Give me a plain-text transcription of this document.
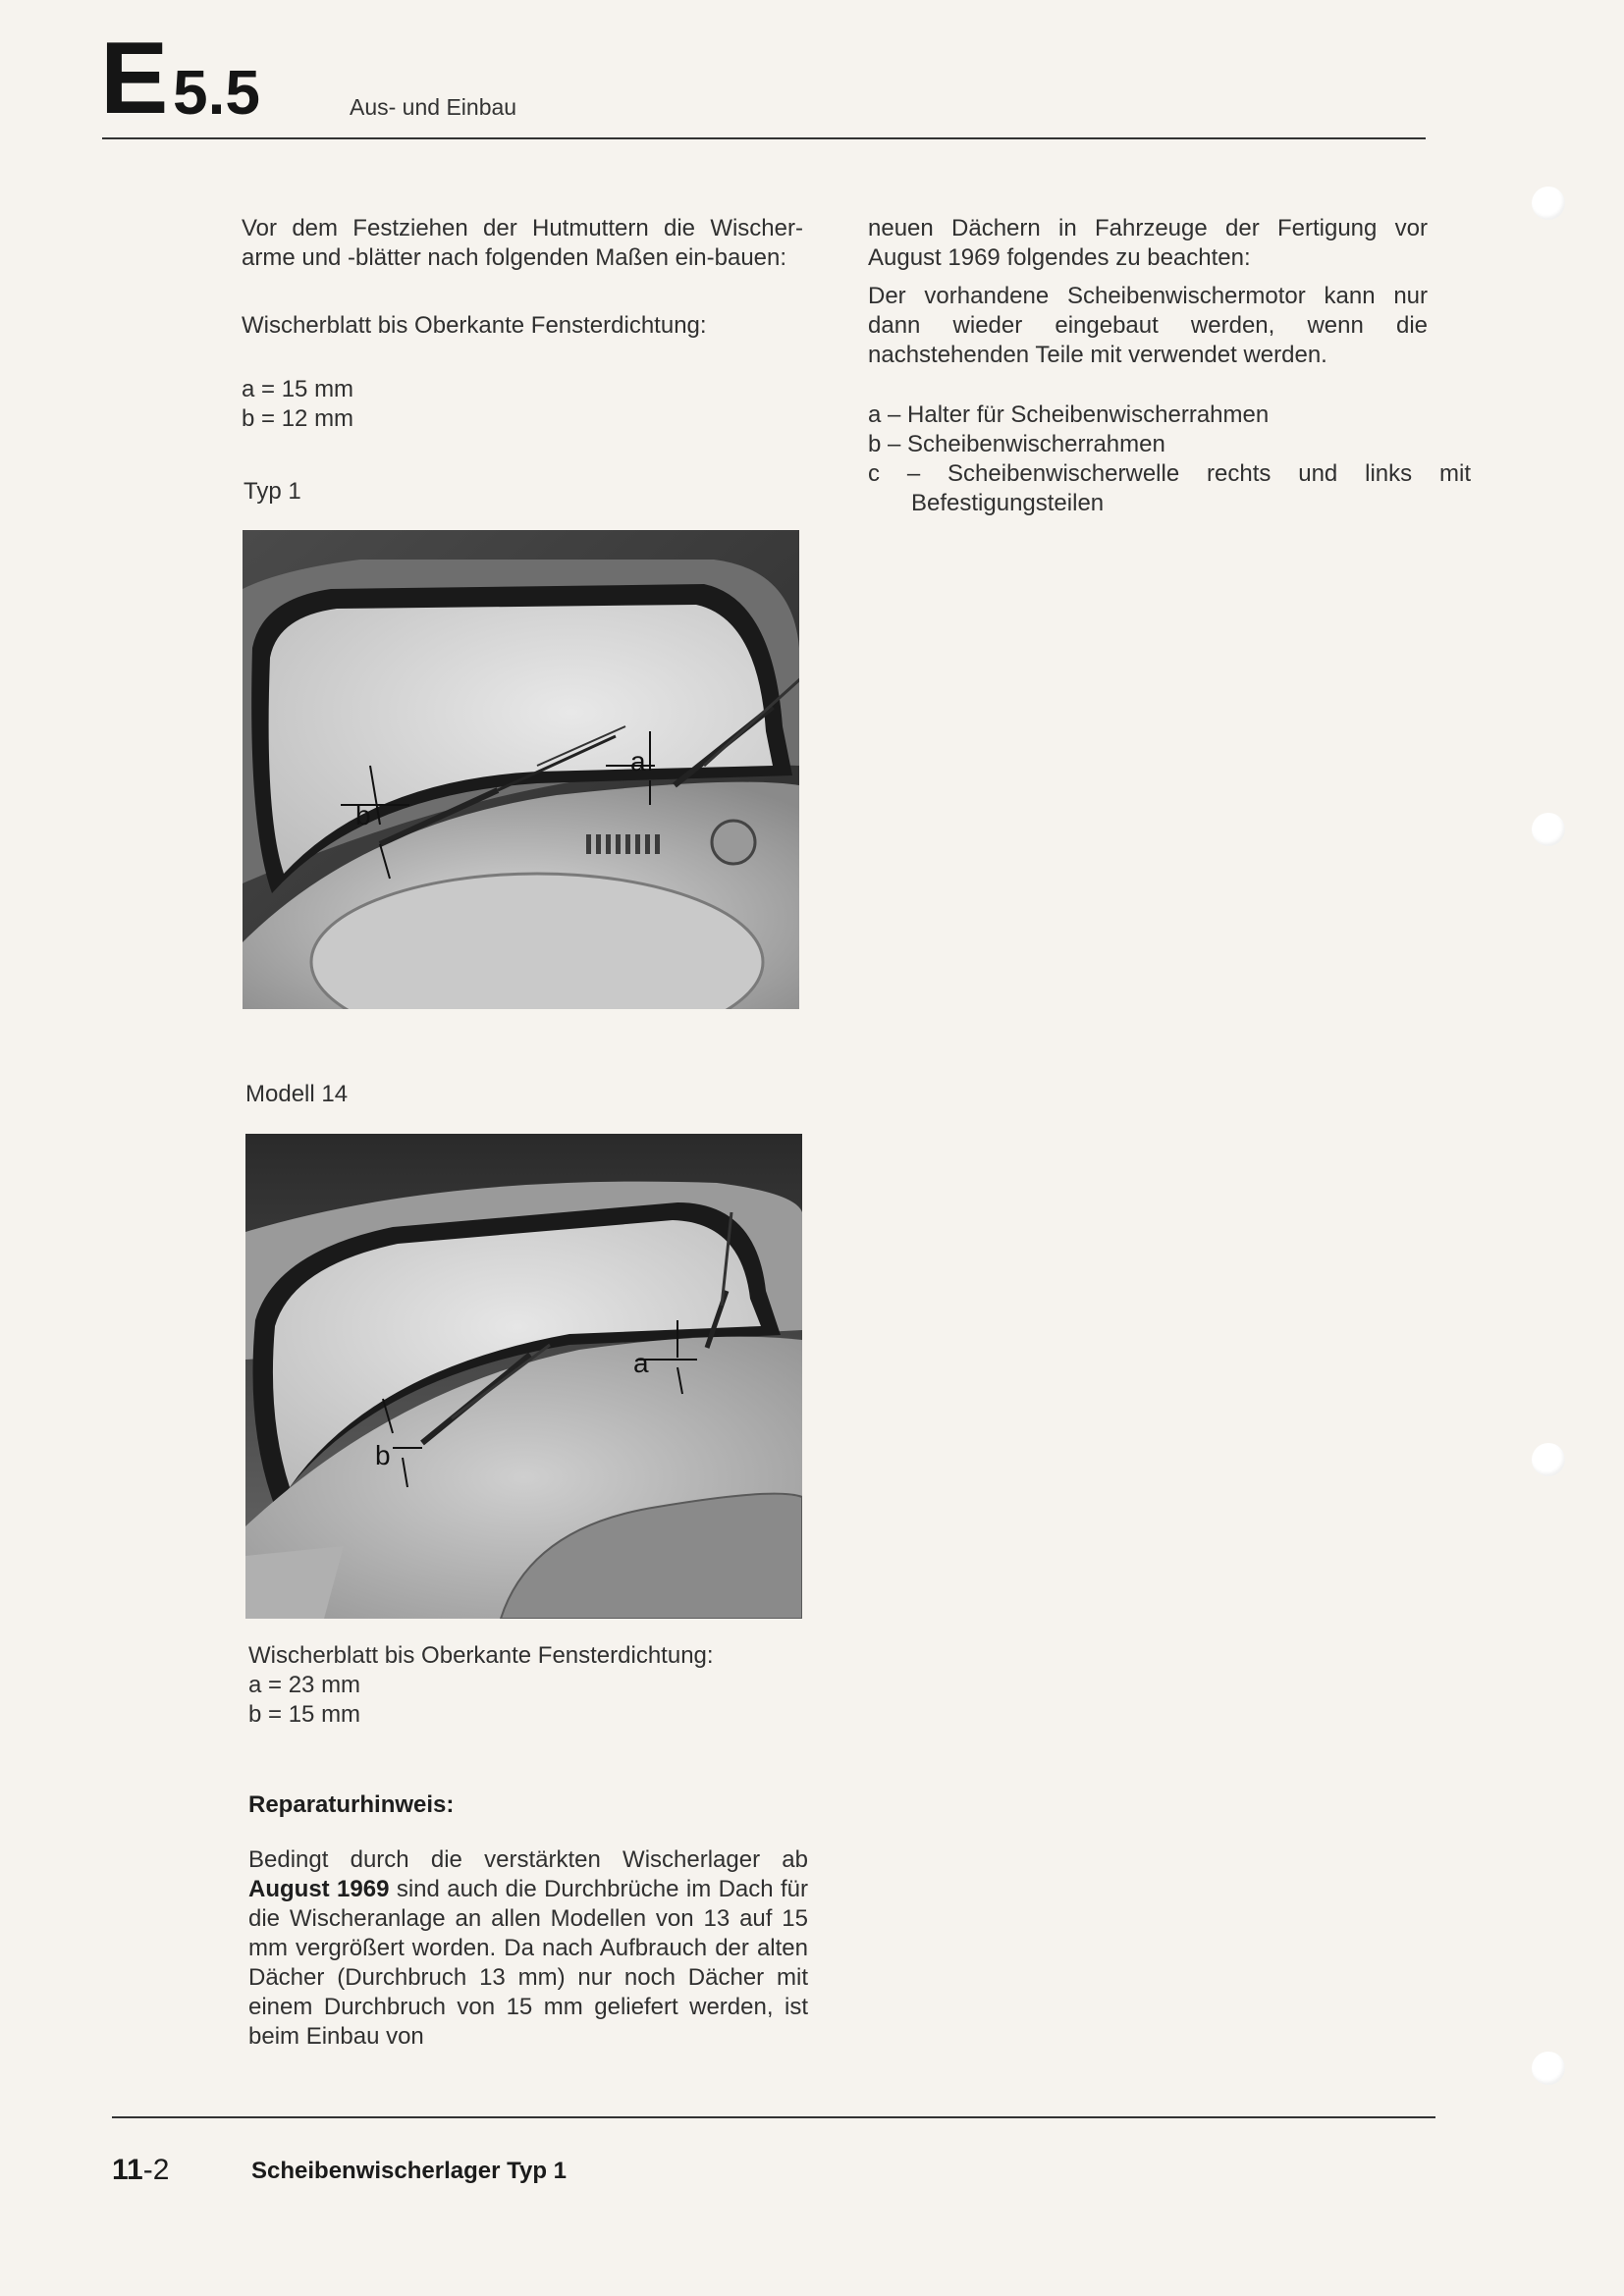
E 5.5	Aus- und Einbau
Vor dem Festziehen der Hutmuttern die Wischer-arme und -blätter nach folgenden Maßen ein-bauen:
Wischerblatt bis Oberkante Fensterdichtung:
a = 15 mm
b = 12 mm
Typ 1
b
a
Modell 14
b
a
Wischerblatt bis Oberkante Fensterdichtung:
a = 23 mm
b = 15 mm
Reparaturhinweis:
Bedingt durch die verstärkten Wischerlager ab August 1969 sind auch die Durchbrüche im Dach für die Wischeranlage an allen Modellen von 13 auf 15 mm vergrößert worden. Da nach Aufbrauch der alten Dächer (Durchbruch 13 mm) nur noch Dächer mit einem Durchbruch von 15 mm geliefert werden, ist beim Einbau von
neuen Dächern in Fahrzeuge der Fertigung vor August 1969 folgendes zu beachten:
Der vorhandene Scheibenwischermotor kann nur dann wieder eingebaut werden, wenn die nachstehenden Teile mit verwendet werden.
a – Halter für Scheibenwischerrahmen
b – Scheibenwischerrahmen
c – Scheibenwischerwelle rechts und links mit Befestigungsteilen
11-2	Scheibenwischerlager Typ 1
